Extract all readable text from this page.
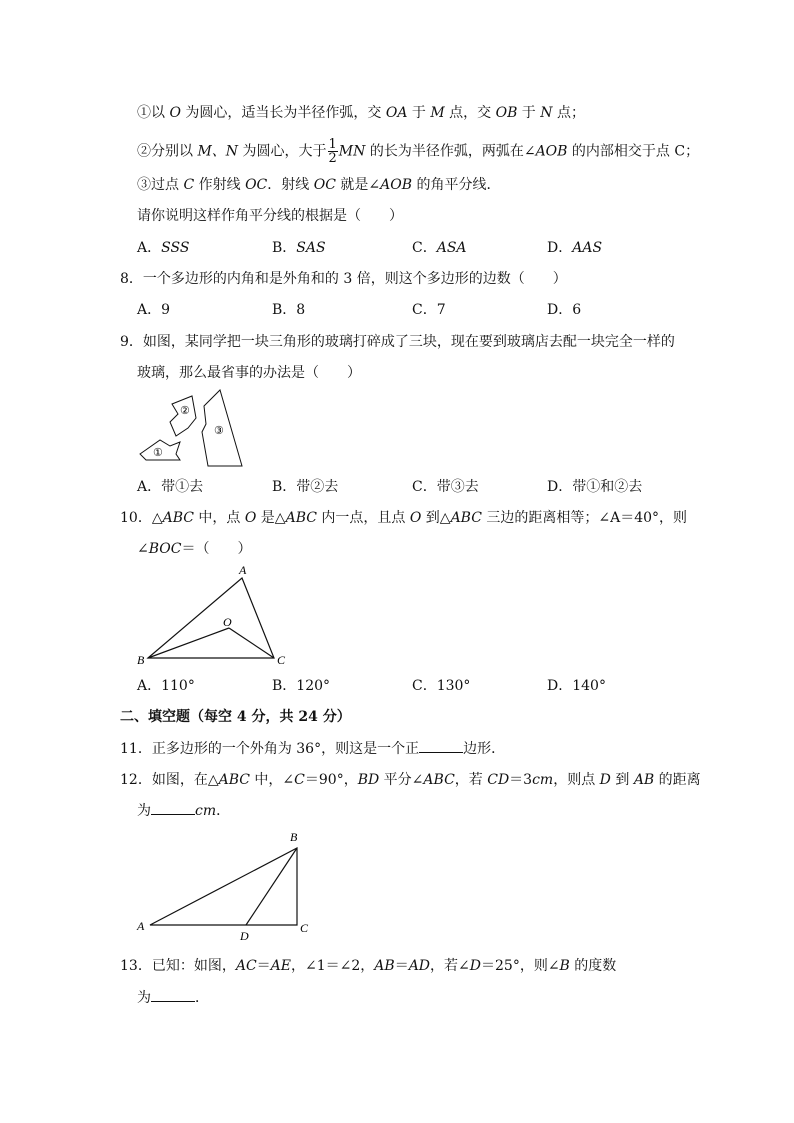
①以 O 为圆心，适当长为半径作弧，交 OA 于 M 点，交 OB 于 N 点；
②分别以 M、N 为圆心，大于 $\frac{1}{2}$ MN 的长为半径作弧，两弧在∠AOB 的内部相交于点 C；
③过点 C 作射线 OC．射线 OC 就是∠AOB 的角平分线．
请你说明这样作角平分线的根据是（　　）
A．SSS	B．SAS	C．ASA	D．AAS
8．一个多边形的内角和是外角和的 3 倍，则这个多边形的边数（　　）
A．9	B．8	C．7	D．6
9．如图，某同学把一块三角形的玻璃打碎成了三块，现在要到玻璃店去配一块完全一样的
玻璃，那么最省事的办法是（　　）
①
②
③
A．带①去	B．带②去	C．带③去	D．带①和②去
10．△ABC 中，点 O 是△ABC 内一点，且点 O 到△ABC 三边的距离相等；∠A＝40°，则
∠BOC＝（　　）
A
B	C
O
A．110°	B．120°	C．130°	D．140°
二、填空题（每空 4 分，共 24 分）
11．正多边形的一个外角为 36°，则这是一个正	边形．
12．如图，在△ABC 中，∠C＝90°，BD 平分∠ABC，若 CD＝3cm，则点 D 到 AB 的距离
为	cm．
A
B
C
D
13．已知：如图，AC＝AE，∠1＝∠2，AB＝AD，若∠D＝25°，则∠B 的度数
为	．
